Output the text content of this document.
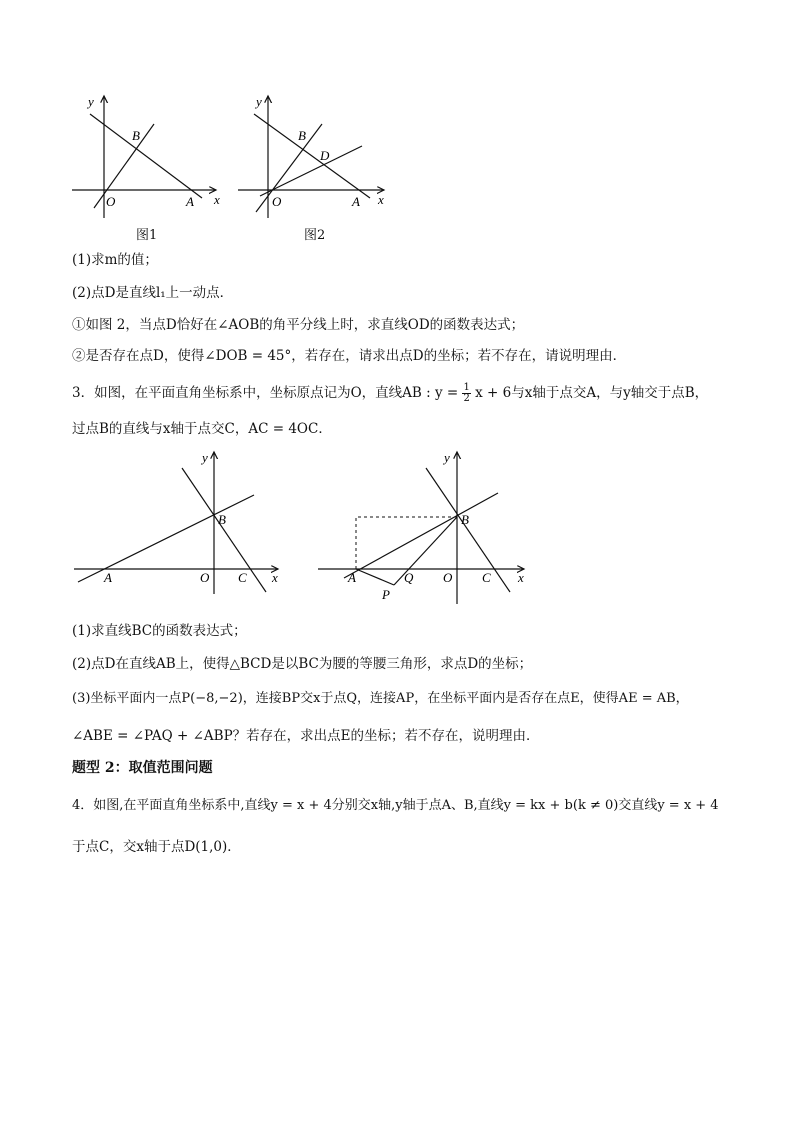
y
x
O	A
B
图1
y
x
O	A
B
D
图2
(1)求m的值；
(2)点D是直线l₁上一动点．
①如图 2，当点D恰好在∠AOB的角平分线上时，求直线OD的函数表达式；
②是否存在点D，使得∠DOB = 45°，若存在，请求出点D的坐标；若不存在，请说明理由．
3．如图，在平面直角坐标系中，坐标原点记为O，直线AB : $y = \frac{1}{2}$ x + 6与x轴于点交A，与y轴交于点B，
过点B的直线与x轴于点交C，AC = 4OC．
y
x
A	O C
B
y
x
A	Q O C
B
P
(1)求直线BC的函数表达式；
(2)点D在直线AB上，使得△BCD是以BC为腰的等腰三角形，求点D的坐标；
(3)坐标平面内一点P(−8,−2)，连接BP交x于点Q，连接AP，在坐标平面内是否存在点E，使得AE = AB，
∠ABE = ∠PAQ + ∠ABP？若存在，求出点E的坐标；若不存在，说明理由．
题型 2：取值范围问题
4．如图,在平面直角坐标系中,直线y = x + 4分别交x轴,y轴于点A、B,直线y = kx + b(k ≠ 0)交直线y = x + 4
于点C，交x轴于点D(1,0)．
